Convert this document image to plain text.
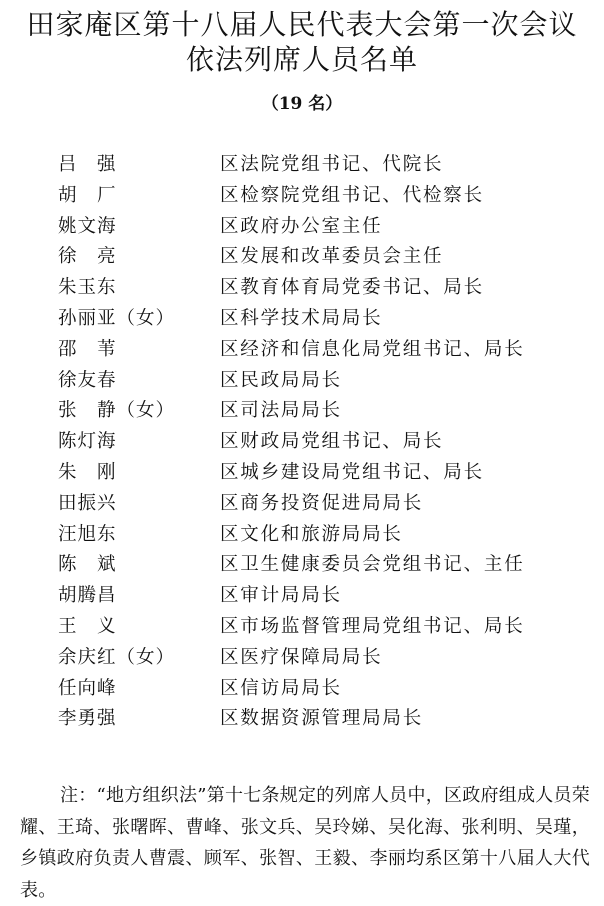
田家庵区第十八届人民代表大会第一次会议
依法列席人员名单
（19 名）
吕　强	区法院党组书记、代院长
胡　厂	区检察院党组书记、代检察长
姚文海	区政府办公室主任
徐　亮	区发展和改革委员会主任
朱玉东	区教育体育局党委书记、局长
孙丽亚（女） 区科学技术局局长
邵　苇	区经济和信息化局党组书记、局长
徐友春	区民政局局长
张　静（女） 区司法局局长
陈灯海	区财政局党组书记、局长
朱　刚	区城乡建设局党组书记、局长
田振兴	区商务投资促进局局长
汪旭东	区文化和旅游局局长
陈　斌	区卫生健康委员会党组书记、主任
胡腾昌	区审计局局长
王　义	区市场监督管理局党组书记、局长
余庆红（女） 区医疗保障局局长
任向峰	区信访局局长
李勇强	区数据资源管理局局长

注：“地方组织法”第十七条规定的列席人员中，区政府组成人员荣耀、王琦、张曙晖、曹峰、张文兵、吴玲娣、吴化海、张利明、吴瑾，乡镇政府负责人曹震、顾军、张智、王毅、李丽均系区第十八届人大代表。
